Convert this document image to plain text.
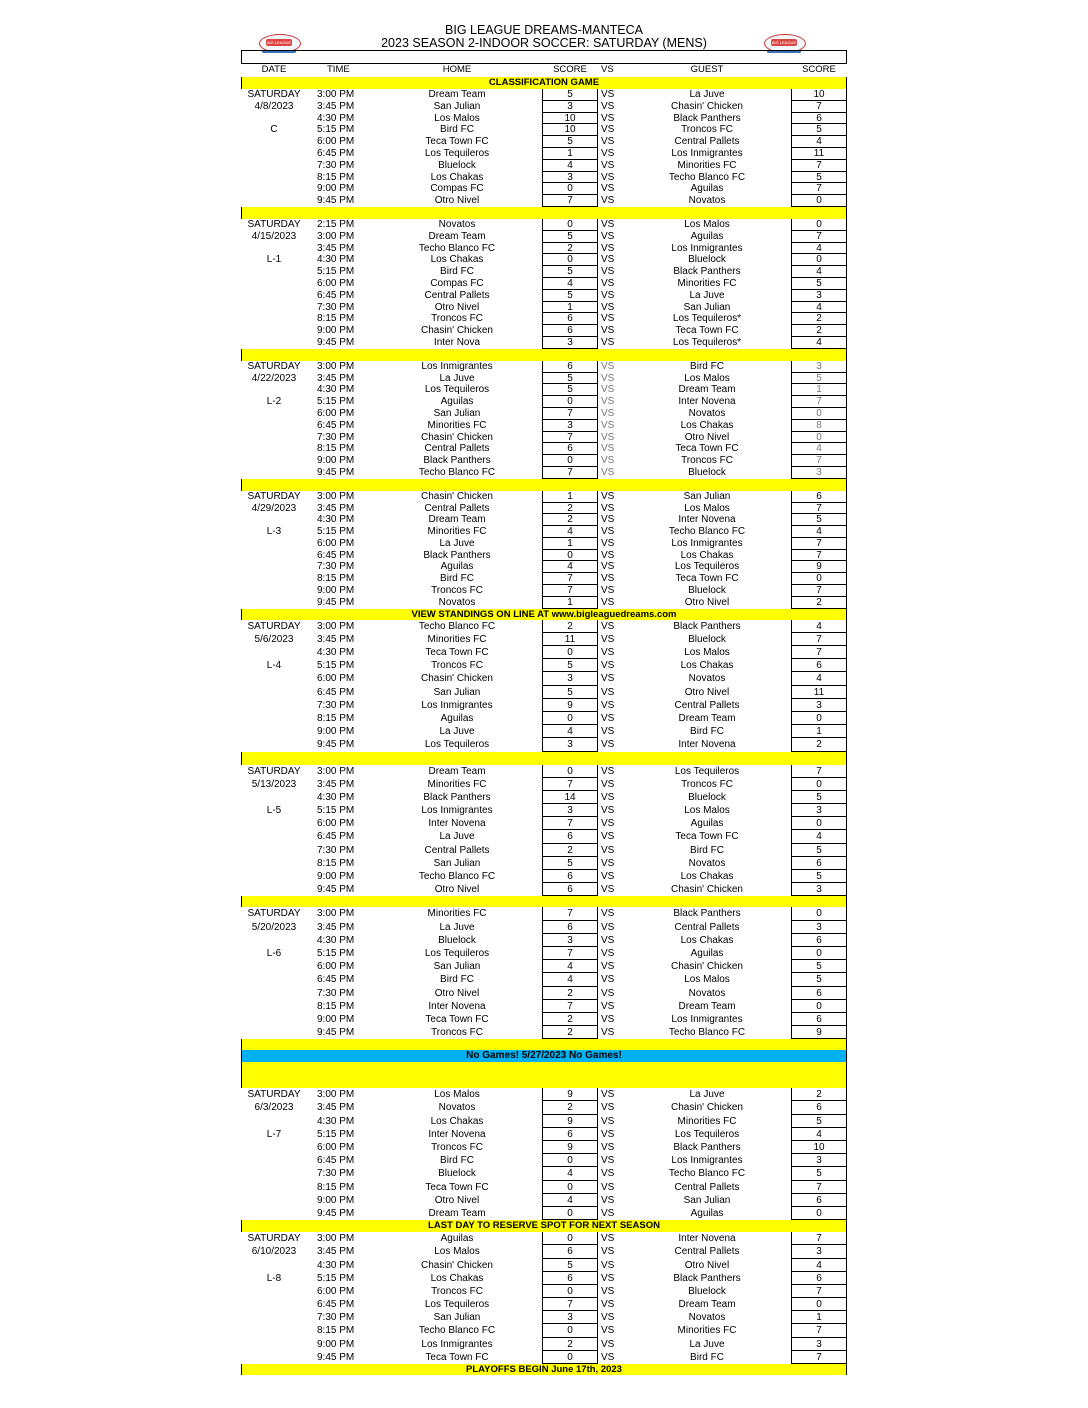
BIG LEAGUE DREAMS-MANTECA
2023 SEASON 2-INDOOR SOCCER: SATURDAY (MENS)
BIG LEAGUE	BIG LEAGUE
DATE	TIME	HOME	SCORE	VS	GUEST	SCORE
CLASSIFICATION GAME
SATURDAY	3:00 PM	Dream Team	5	VS	La Juve	10
4/8/2023	3:45 PM	San Julian	3	VS	Chasin' Chicken	7
4:30 PM	Los Malos	10	VS	Black Panthers	6
C	5:15 PM	Bird FC	10	VS	Troncos FC	5
6:00 PM	Teca Town FC	5	VS	Central Pallets	4
6:45 PM	Los Tequileros	1	VS	Los Inmigrantes	11
7:30 PM	Bluelock	4	VS	Minorities FC	7
8:15 PM	Los Chakas	3	VS	Techo Blanco FC	5
9:00 PM	Compas FC	0	VS	Aguilas	7
9:45 PM	Otro Nivel	7	VS	Novatos	0
SATURDAY	2:15 PM	Novatos	0	VS	Los Malos	0
4/15/2023	3:00 PM	Dream Team	5	VS	Aguilas	7
3:45 PM	Techo Blanco FC	2	VS	Los Inmigrantes	4
L-1	4:30 PM	Los Chakas	0	VS	Bluelock	0
5:15 PM	Bird FC	5	VS	Black Panthers	4
6:00 PM	Compas FC	4	VS	Minorities FC	5
6:45 PM	Central Pallets	5	VS	La Juve	3
7:30 PM	Otro Nivel	1	VS	San Julian	4
8:15 PM	Troncos FC	6	VS	Los Tequileros*	2
9:00 PM	Chasin' Chicken	6	VS	Teca Town FC	2
9:45 PM	Inter Nova	3	VS	Los Tequileros*	4
SATURDAY	3:00 PM	Los Inmigrantes	6	VS	Bird FC	3
4/22/2023	3:45 PM	La Juve	5	VS	Los Malos	5
4:30 PM	Los Tequileros	5	VS	Dream Team	1
L-2	5:15 PM	Aguilas	0	VS	Inter Novena	7
6:00 PM	San Julian	7	VS	Novatos	0
6:45 PM	Minorities FC	3	VS	Los Chakas	8
7:30 PM	Chasin' Chicken	7	VS	Otro Nivel	0
8:15 PM	Central Pallets	6	VS	Teca Town FC	4
9:00 PM	Black Panthers	0	VS	Troncos FC	7
9:45 PM	Techo Blanco FC	7	VS	Bluelock	3
SATURDAY	3:00 PM	Chasin' Chicken	1	VS	San Julian	6
4/29/2023	3:45 PM	Central Pallets	2	VS	Los Malos	7
4:30 PM	Dream Team	2	VS	Inter Novena	5
L-3	5:15 PM	Minorities FC	4	VS	Techo Blanco FC	4
6:00 PM	La Juve	1	VS	Los Inmigrantes	7
6:45 PM	Black Panthers	0	VS	Los Chakas	7
7:30 PM	Aguilas	4	VS	Los Tequileros	9
8:15 PM	Bird FC	7	VS	Teca Town FC	0
9:00 PM	Troncos FC	7	VS	Bluelock	7
9:45 PM	Novatos	1	VS	Otro Nivel	2
VIEW STANDINGS ON LINE AT www.bigleaguedreams.com
SATURDAY	3:00 PM	Techo Blanco FC	2	VS	Black Panthers	4
5/6/2023	3:45 PM	Minorities FC	11	VS	Bluelock	7
4:30 PM	Teca Town FC	0	VS	Los Malos	7
L-4	5:15 PM	Troncos FC	5	VS	Los Chakas	6
6:00 PM	Chasin' Chicken	3	VS	Novatos	4
6:45 PM	San Julian	5	VS	Otro Nivel	11
7:30 PM	Los Inmigrantes	9	VS	Central Pallets	3
8:15 PM	Aguilas	0	VS	Dream Team	0
9:00 PM	La Juve	4	VS	Bird FC	1
9:45 PM	Los Tequileros	3	VS	Inter Novena	2
SATURDAY	3:00 PM	Dream Team	0	VS	Los Tequileros	7
5/13/2023	3:45 PM	Minorities FC	7	VS	Troncos FC	0
4:30 PM	Black Panthers	14	VS	Bluelock	5
L-5	5:15 PM	Los Inmigrantes	3	VS	Los Malos	3
6:00 PM	Inter Novena	7	VS	Aguilas	0
6:45 PM	La Juve	6	VS	Teca Town FC	4
7:30 PM	Central Pallets	2	VS	Bird FC	5
8:15 PM	San Julian	5	VS	Novatos	6
9:00 PM	Techo Blanco FC	6	VS	Los Chakas	5
9:45 PM	Otro Nivel	6	VS	Chasin' Chicken	3
SATURDAY	3:00 PM	Minorities FC	7	VS	Black Panthers	0
5/20/2023	3:45 PM	La Juve	6	VS	Central Pallets	3
4:30 PM	Bluelock	3	VS	Los Chakas	6
L-6	5:15 PM	Los Tequileros	7	VS	Aguilas	0
6:00 PM	San Julian	4	VS	Chasin' Chicken	5
6:45 PM	Bird FC	4	VS	Los Malos	5
7:30 PM	Otro Nivel	2	VS	Novatos	6
8:15 PM	Inter Novena	7	VS	Dream Team	0
9:00 PM	Teca Town FC	2	VS	Los Inmigrantes	6
9:45 PM	Troncos FC	2	VS	Techo Blanco FC	9
No Games! 5/27/2023 No Games!
SATURDAY	3:00 PM	Los Malos	9	VS	La Juve	2
6/3/2023	3:45 PM	Novatos	2	VS	Chasin' Chicken	6
4:30 PM	Los Chakas	9	VS	Minorities FC	5
L-7	5:15 PM	Inter Novena	6	VS	Los Tequileros	4
6:00 PM	Troncos FC	9	VS	Black Panthers	10
6:45 PM	Bird FC	0	VS	Los Inmigrantes	3
7:30 PM	Bluelock	4	VS	Techo Blanco FC	5
8:15 PM	Teca Town FC	0	VS	Central Pallets	7
9:00 PM	Otro Nivel	4	VS	San Julian	6
9:45 PM	Dream Team	0	VS	Aguilas	0
LAST DAY TO RESERVE SPOT FOR NEXT SEASON
SATURDAY	3:00 PM	Aguilas	0	VS	Inter Novena	7
6/10/2023	3:45 PM	Los Malos	6	VS	Central Pallets	3
4:30 PM	Chasin' Chicken	5	VS	Otro Nivel	4
L-8	5:15 PM	Los Chakas	6	VS	Black Panthers	6
6:00 PM	Troncos FC	0	VS	Bluelock	7
6:45 PM	Los Tequileros	7	VS	Dream Team	0
7:30 PM	San Julian	3	VS	Novatos	1
8:15 PM	Techo Blanco FC	0	VS	Minorities FC	7
9:00 PM	Los Inmigrantes	2	VS	La Juve	3
9:45 PM	Teca Town FC	0	VS	Bird FC	7
PLAYOFFS BEGIN June 17th, 2023
